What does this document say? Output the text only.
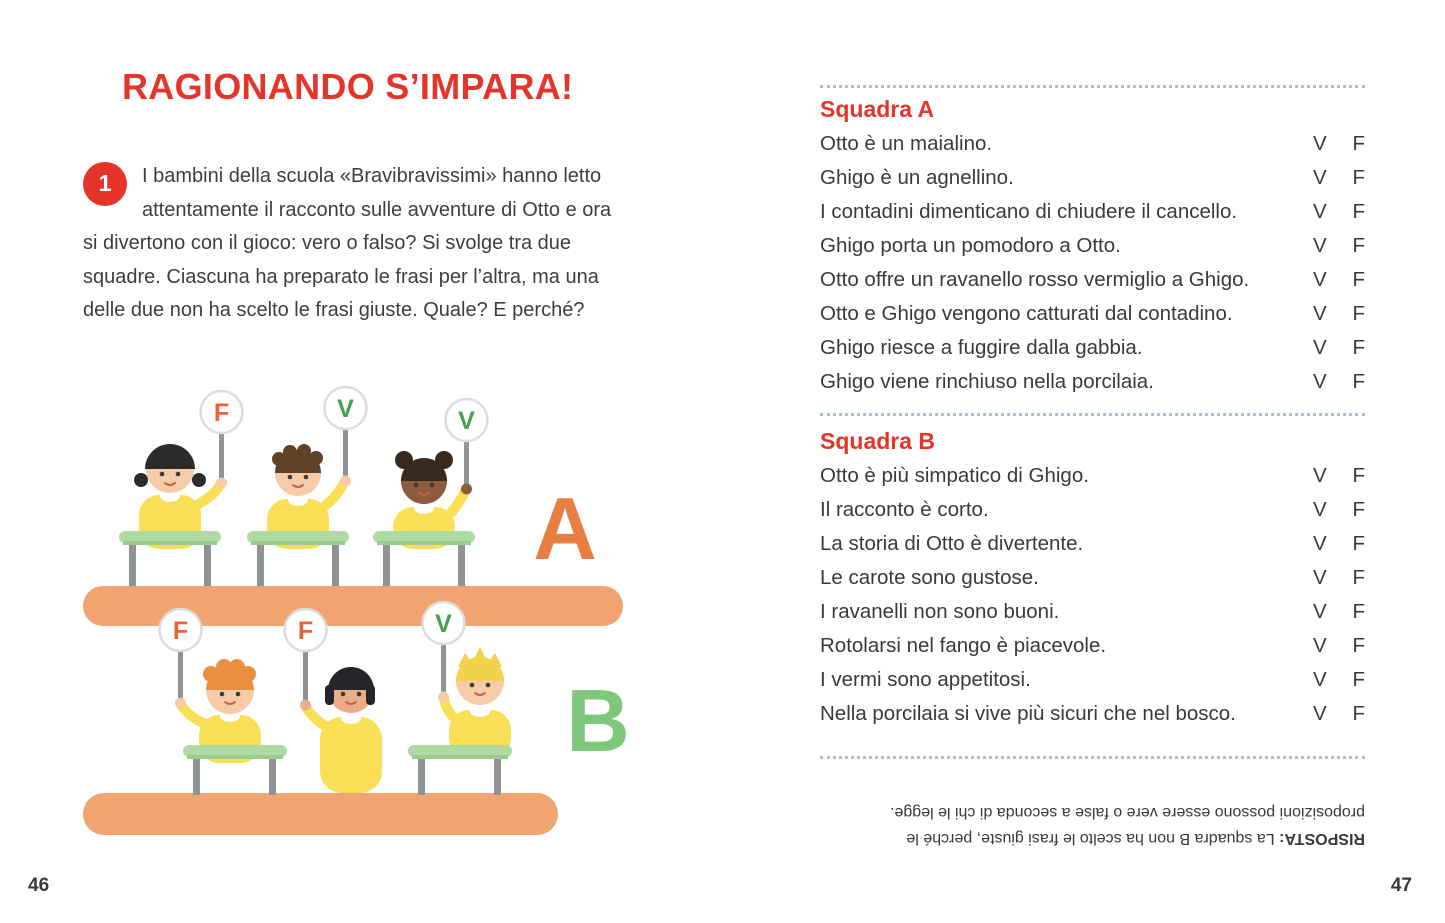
RAGIONANDO S’IMPARA!
1	I bambini della scuola «Bravibravissimi» hanno letto attentamente il racconto sulle avventure di Otto e ora si divertono con il gioco: vero o falso? Si svolge tra due squadre. Ciascuna ha preparato le frasi per l’altra, ma una delle due non ha scelto le frasi giuste. Quale? E perché?
F	V	V
A
F	F	V
B
Squadra A
Otto è un maialino.	V F
Ghigo è un agnellino.	V F
I contadini dimenticano di chiudere il cancello.	V F
Ghigo porta un pomodoro a Otto.	V F
Otto offre un ravanello rosso vermiglio a Ghigo.	V F
Otto e Ghigo vengono catturati dal contadino.	V F
Ghigo riesce a fuggire dalla gabbia.	V F
Ghigo viene rinchiuso nella porcilaia.	V F
Squadra B
Otto è più simpatico di Ghigo.	V F
Il racconto è corto.	V F
La storia di Otto è divertente.	V F
Le carote sono gustose.	V F
I ravanelli non sono buoni.	V F
Rotolarsi nel fango è piacevole.	V F
I vermi sono appetitosi.	V F
Nella porcilaia si vive più sicuri che nel bosco.	V F
RISPOSTA: La squadra B non ha scelto le frasi giuste, perché le proposizioni possono essere vere o false a seconda di chi le legge.
46	47
